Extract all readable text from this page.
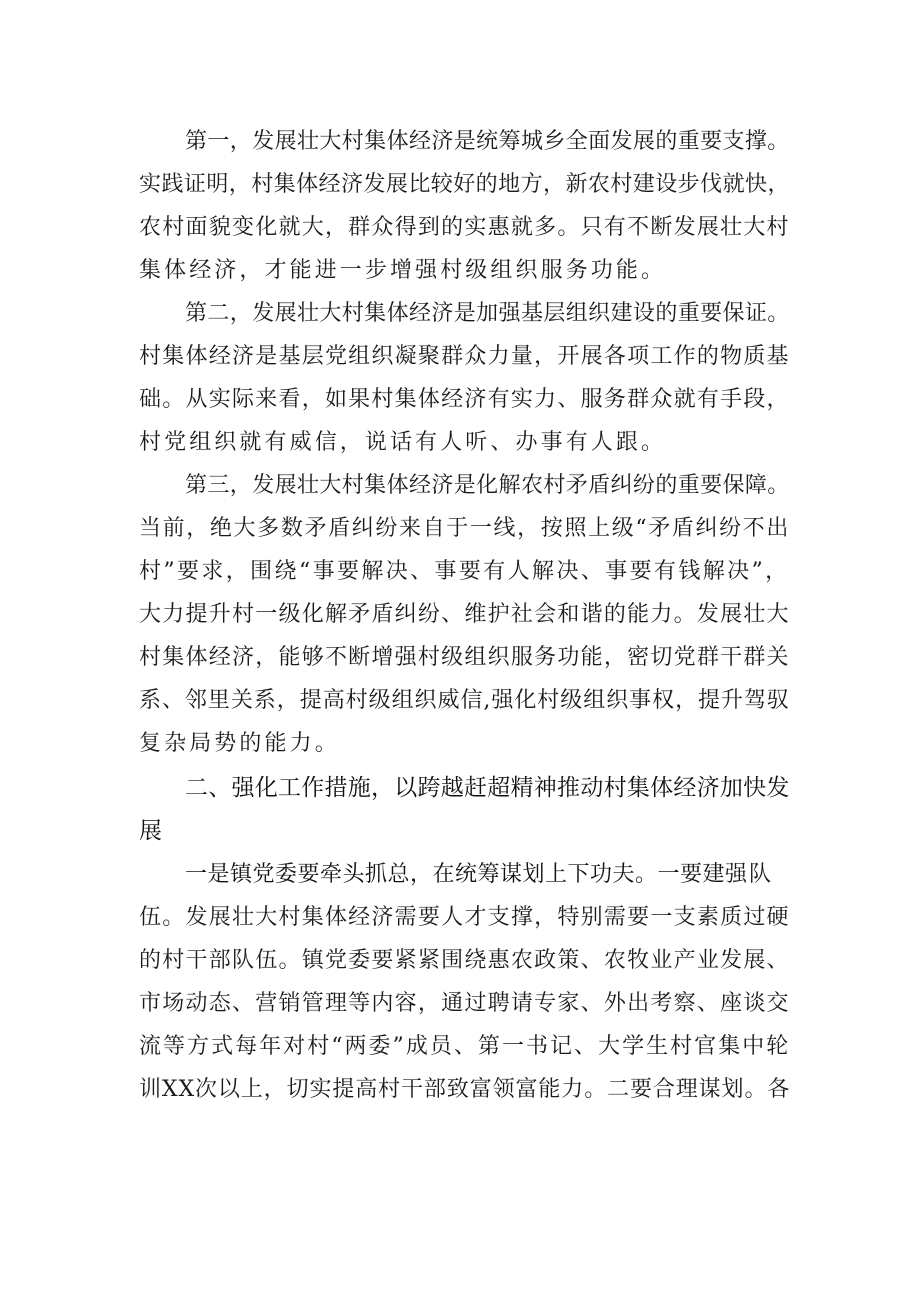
第一，发展壮大村集体经济是统筹城乡全面发展的重要支撑。
实践证明，村集体经济发展比较好的地方，新农村建设步伐就快，
农村面貌变化就大，群众得到的实惠就多。只有不断发展壮大村
集体经济，才能进一步增强村级组织服务功能。
第二，发展壮大村集体经济是加强基层组织建设的重要保证。
村集体经济是基层党组织凝聚群众力量，开展各项工作的物质基
础。从实际来看，如果村集体经济有实力、服务群众就有手段，
村党组织就有威信，说话有人听、办事有人跟。
第三，发展壮大村集体经济是化解农村矛盾纠纷的重要保障。
当前，绝大多数矛盾纠纷来自于一线，按照上级“矛盾纠纷不出
村”要求，围绕“事要解决、事要有人解决、事要有钱解决”，
大力提升村一级化解矛盾纠纷、维护社会和谐的能力。发展壮大
村集体经济，能够不断增强村级组织服务功能，密切党群干群关
系、邻里关系，提高村级组织威信,强化村级组织事权，提升驾驭
复杂局势的能力。
二、强化工作措施，以跨越赶超精神推动村集体经济加快发
展
一是镇党委要牵头抓总，在统筹谋划上下功夫。一要建强队
伍。发展壮大村集体经济需要人才支撑，特别需要一支素质过硬
的村干部队伍。镇党委要紧紧围绕惠农政策、农牧业产业发展、
市场动态、营销管理等内容，通过聘请专家、外出考察、座谈交
流等方式每年对村“两委”成员、第一书记、大学生村官集中轮
训XX次以上，切实提高村干部致富领富能力。二要合理谋划。各
